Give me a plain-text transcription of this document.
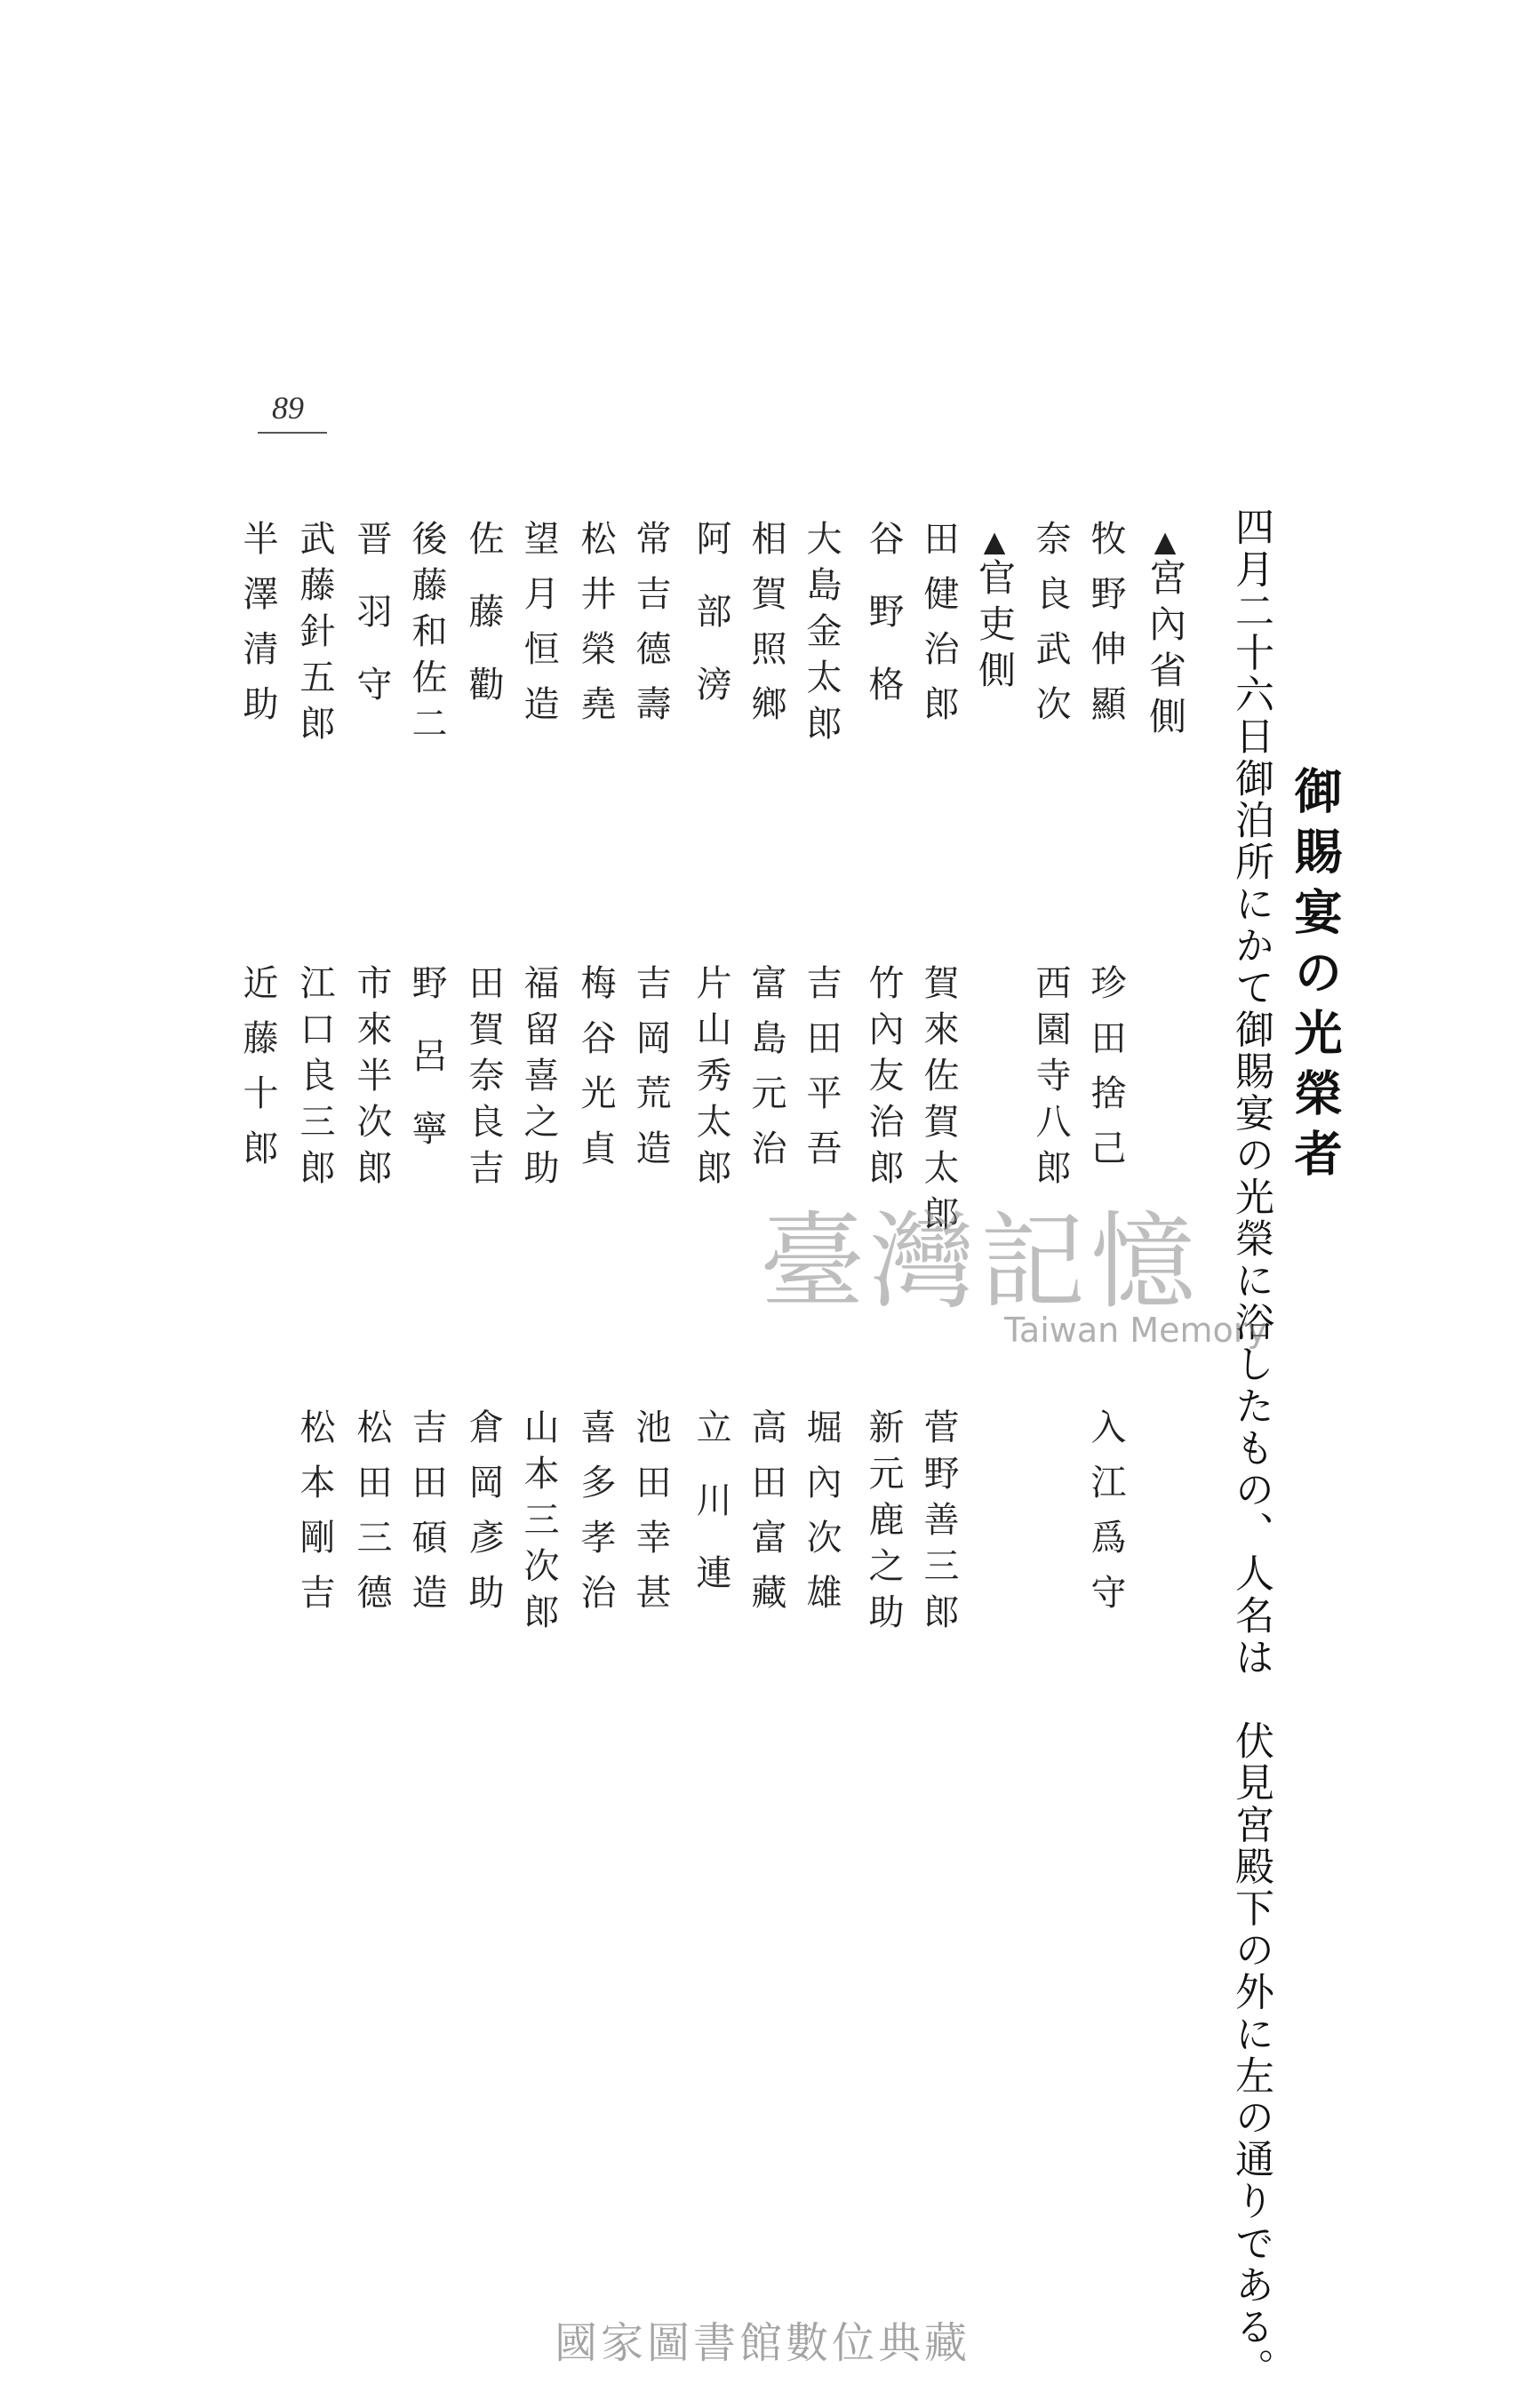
89
御賜宴の光榮者
四月二十六日御泊所にかて御賜宴の光榮に浴したもの、人名は　伏見宮殿下の外に左の通りである。
▲宮內省側
▲官吏側 牧野伸顯
珍田捨己
入江爲守
奈良武次
西園寺八郎
田健治郎
賀來佐賀太郎
菅野善三郎
谷野格
竹內友治郎
新元鹿之助
大島金太郎
吉田平吾
堀內次雄
相賀照鄉
富島元治
高田富藏
阿部滂
片山秀太郎
立川連
常吉德壽
吉岡荒造
池田幸甚
松井榮堯
梅谷光貞
喜多孝治
望月恒造
福留喜之助
山本三次郎
佐藤勸
田賀奈良吉
倉岡彥助
後藤和佐二
野呂寧
吉田碩造
晋羽守
市來半次郎
松田三德
武藤針五郎
江口良三郎
松本剛吉
半澤清助
近藤十郎
臺灣記憶
Taiwan Memory
國家圖書館數位典藏
